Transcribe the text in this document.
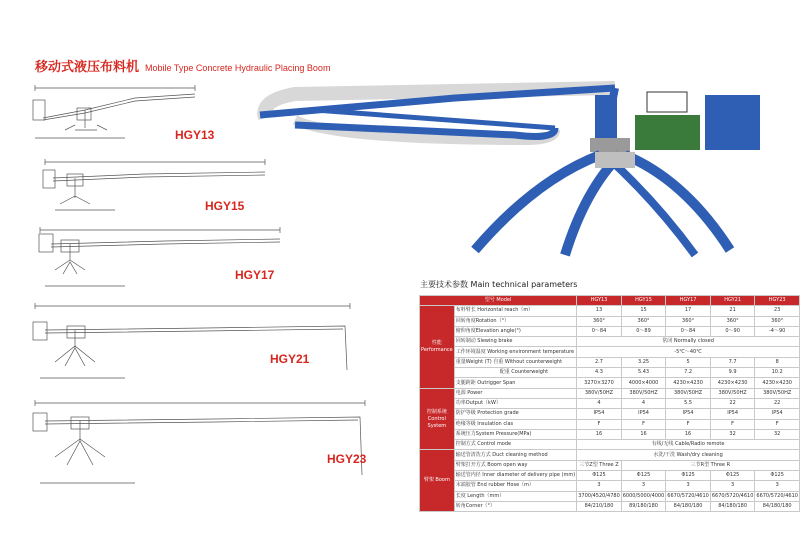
移动式液压布料机 Mobile Type Concrete Hydraulic Placing Boom
HGY13
HGY15
HGY17
HGY21
HGY23
主要技术参数 Main technical parameters
型号 Model		HGY13	HGY15	HGY17	HGY21	HGY23
性能 Performance	布料臂长 Horizontal reach（m）	13	15	17	21	23
	回转角度Rotation（°）	360°	360°	360°	360°	360°
	俯仰角度Elevation angle(°)	0～84	0～89	0～84	0～90	-4～90
	回转制动 Slewing brake	常闭 Normally closed				
	工作环境温度 Working environment temperature	-5℃～40℃				
	重量Weight (T) 自重 Without counterweight	2.7	3.25	5	7.7	8
	配重 Counterweight	4.3	5.43	7.2	9.9	10.2
	支腿跨距 Outrigger Span	3270×3270	4000×4000	4230×4230	4230×4230	4230×4230
控制系统 Control System	电源 Power	380V/50HZ	380V/50HZ	380V/50HZ	380V/50HZ	380V/50HZ
	功率Output（kW）	4	4	5.5	22	22
	防护等级 Protection grade	IP54	IP54	IP54	IP54	IP54
	绝缘等级 Insulation clas	F	F	F	F	F
	系统压力System Pressure(MPa)	16	16	16	32	32
	控制方式 Control mode	有线/无线 Cable/Radio remote				
臂架 Boom	输送管清洗方式 Duct cleaning method	水洗/干洗 Wash/dry cleaning				
	臂架打开方式 Boom open way	三节Z型 Three Z	三节R型 Three R			
	输送管内径 Inner diameter of delivery pipe (mm)	Φ125	Φ125	Φ125	Φ125	Φ125
	末端胶管 End rubber Hose（m）	3	3	3	3	3
	长度 Length（mm）	3700/4520/4780	6000/5000/4000	6670/5720/4610	6670/5720/4610	6670/5720/4610
	转角Corner（°）	84/210/180	89/180/180	84/180/180	84/180/180	84/180/180
